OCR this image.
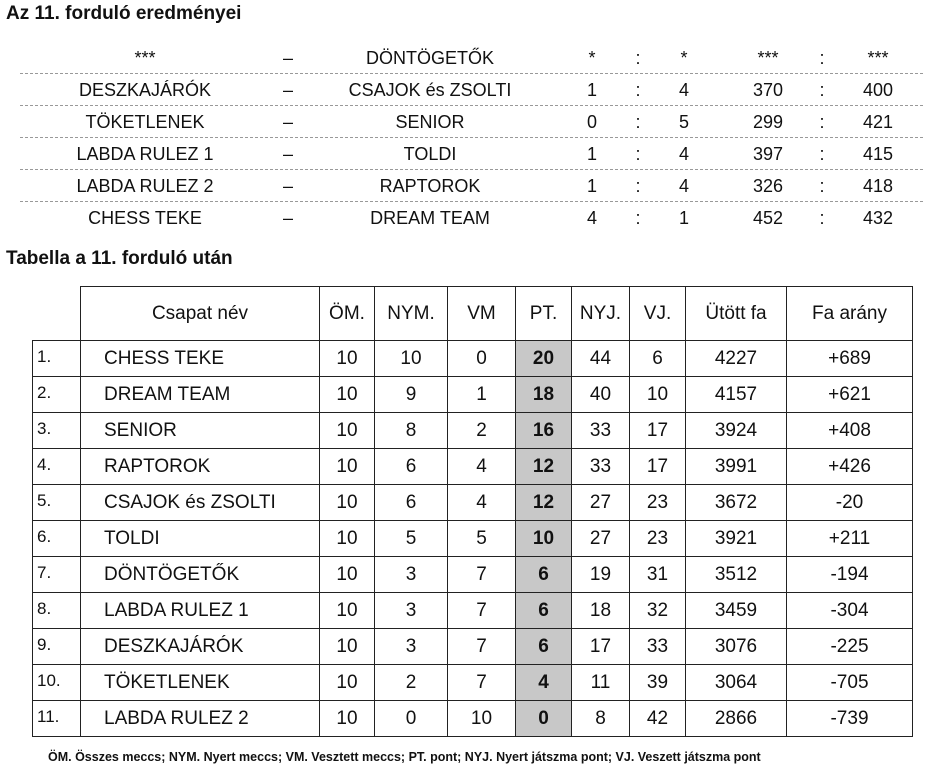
Az 11. forduló eredményei
***	–	DÖNTÖGETŐK	*	:	*	***	:	***
DESZKAJÁRÓK	–	CSAJOK és ZSOLTI	1	:	4	370	:	400
TÖKETLENEK	–	SENIOR	0	:	5	299	:	421
LABDA RULEZ 1	–	TOLDI	1	:	4	397	:	415
LABDA RULEZ 2	–	RAPTOROK	1	:	4	326	:	418
CHESS TEKE	–	DREAM TEAM	4	:	1	452	:	432
Tabella a 11. forduló után
	Csapat név	ÖM.	NYM.	VM	PT.	NYJ.	VJ.	Ütött fa	Fa arány
1.	CHESS TEKE	10	10	0	20	44	6	4227	+689
2.	DREAM TEAM	10	9	1	18	40	10	4157	+621
3.	SENIOR	10	8	2	16	33	17	3924	+408
4.	RAPTOROK	10	6	4	12	33	17	3991	+426
5.	CSAJOK és ZSOLTI	10	6	4	12	27	23	3672	-20
6.	TOLDI	10	5	5	10	27	23	3921	+211
7.	DÖNTÖGETŐK	10	3	7	6	19	31	3512	-194
8.	LABDA RULEZ 1	10	3	7	6	18	32	3459	-304
9.	DESZKAJÁRÓK	10	3	7	6	17	33	3076	-225
10.	TÖKETLENEK	10	2	7	4	11	39	3064	-705
11.	LABDA RULEZ 2	10	0	10	0	8	42	2866	-739
ÖM. Összes meccs; NYM. Nyert meccs; VM. Vesztett meccs; PT. pont; NYJ. Nyert játszma pont; VJ. Veszett játszma pont
